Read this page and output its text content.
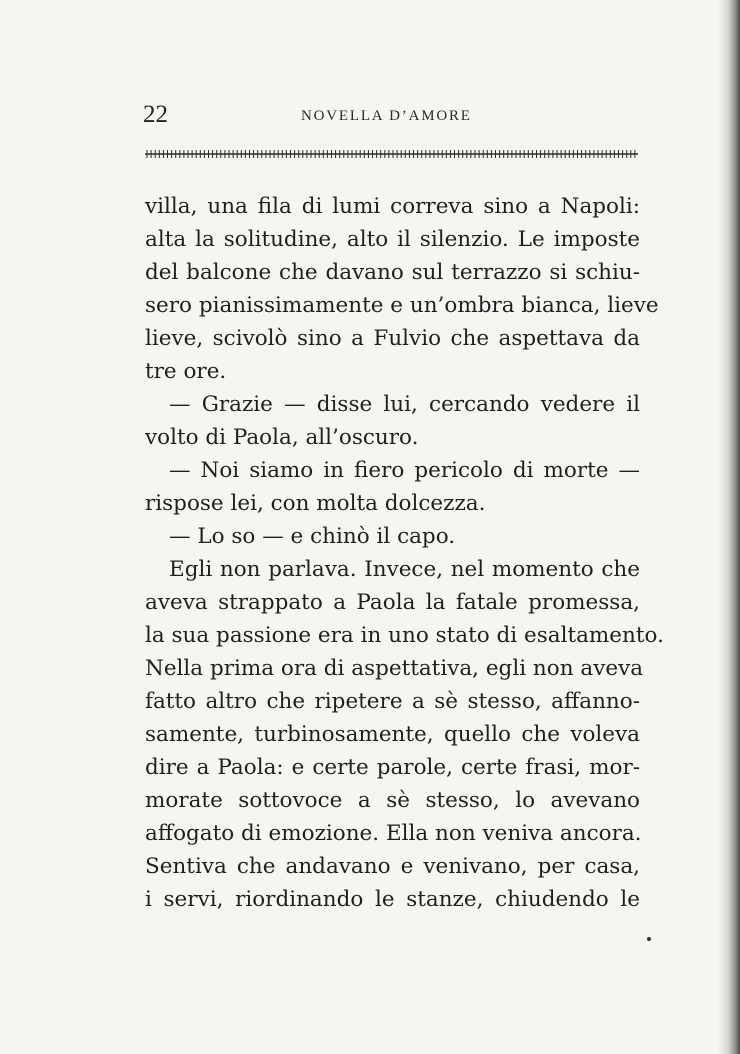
22	NOVELLA D’AMORE
villa, una fila di lumi correva sino a Napoli:
alta la solitudine, alto il silenzio. Le imposte
del balcone che davano sul terrazzo si schiu-
sero pianissimamente e un’ombra bianca, lieve
lieve, scivolò sino a Fulvio che aspettava da
tre ore.
— Grazie — disse lui, cercando vedere il
volto di Paola, all’oscuro.
— Noi siamo in fiero pericolo di morte —
rispose lei, con molta dolcezza.
— Lo so — e chinò il capo.
Egli non parlava. Invece, nel momento che
aveva strappato a Paola la fatale promessa,
la sua passione era in uno stato di esaltamento.
Nella prima ora di aspettativa, egli non aveva
fatto altro che ripetere a sè stesso, affanno-
samente, turbinosamente, quello che voleva
dire a Paola: e certe parole, certe frasi, mor-
morate sottovoce a sè stesso, lo avevano
affogato di emozione. Ella non veniva ancora.
Sentiva che andavano e venivano, per casa,
i servi, riordinando le stanze, chiudendo le
